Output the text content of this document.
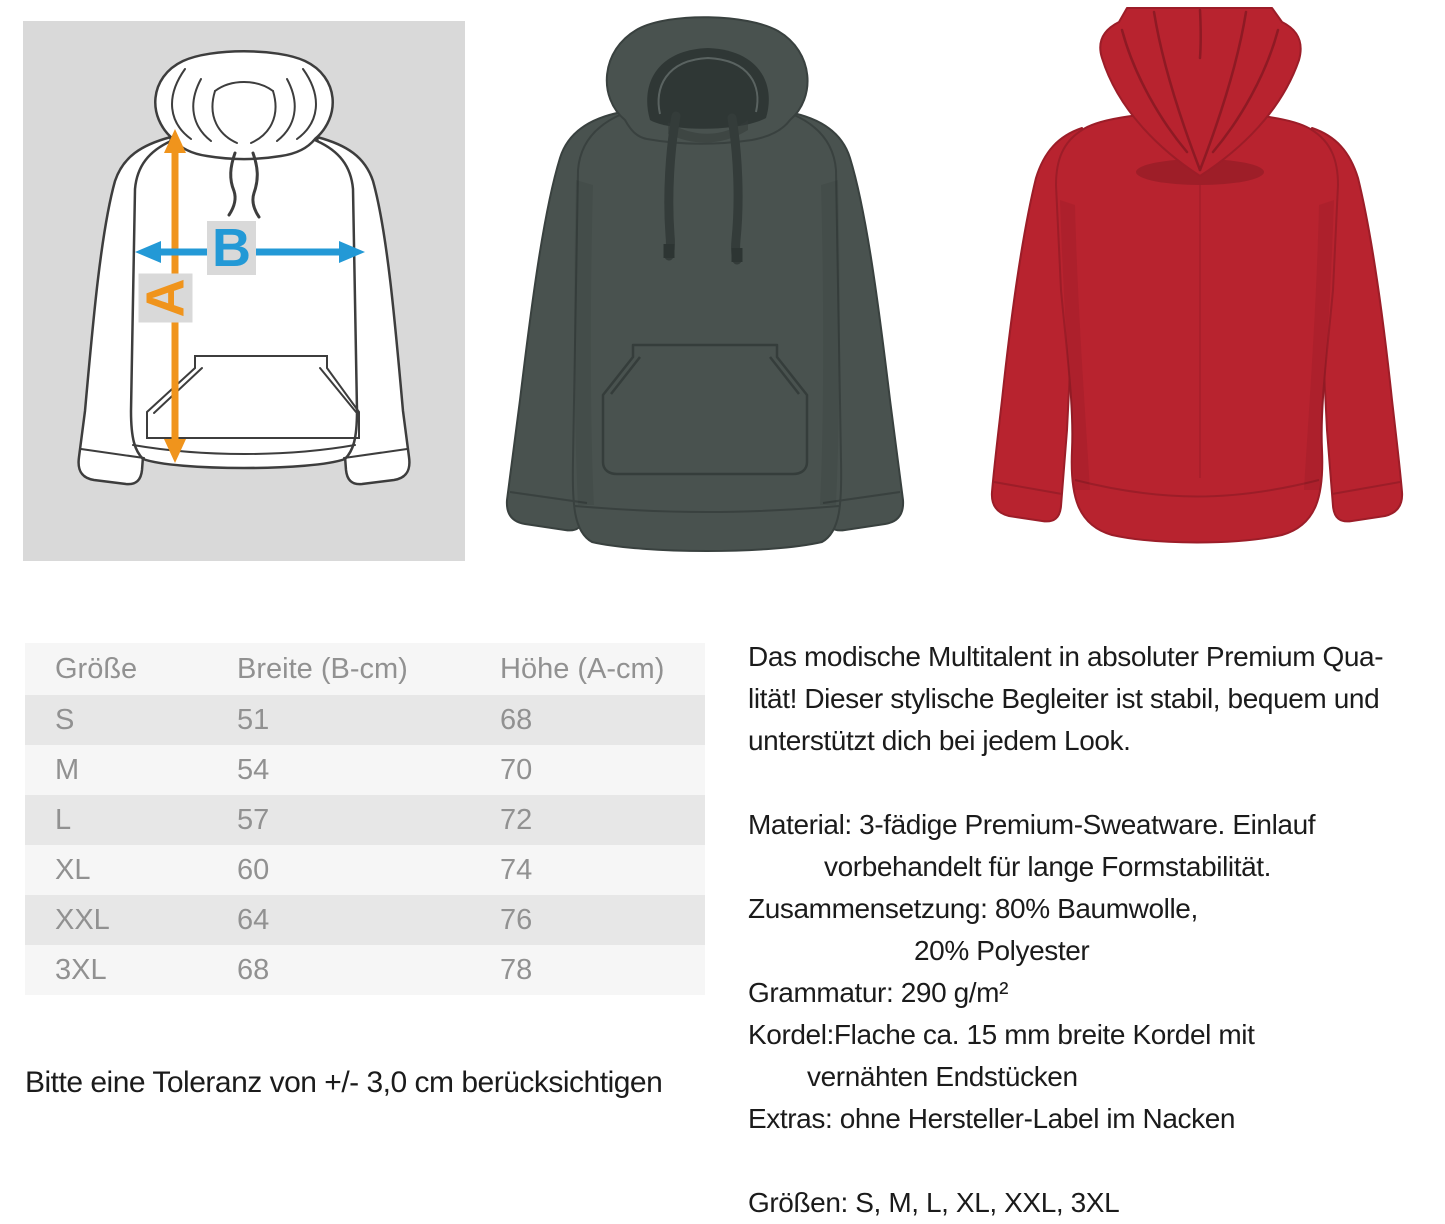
B
A
Größe	Breite (B-cm)	Höhe (A-cm)
S	51	68
M	54	70
L	57	72
XL	60	74
XXL	64	76
3XL	68	78

Bitte eine Toleranz von +/- 3,0 cm berücksichtigen

Das modische Multitalent in absoluter Premium Qua-
lität! Dieser stylische Begleiter ist stabil, bequem und
unterstützt dich bei jedem Look.
Material: 3-fädige Premium-Sweatware. Einlauf
vorbehandelt für lange Formstabilität.
Zusammensetzung: 80% Baumwolle,
20% Polyester
Grammatur: 290 g/m²
Kordel:Flache ca. 15 mm breite Kordel mit
vernähten Endstücken
Extras: ohne Hersteller-Label im Nacken
Größen: S, M, L, XL, XXL, 3XL
